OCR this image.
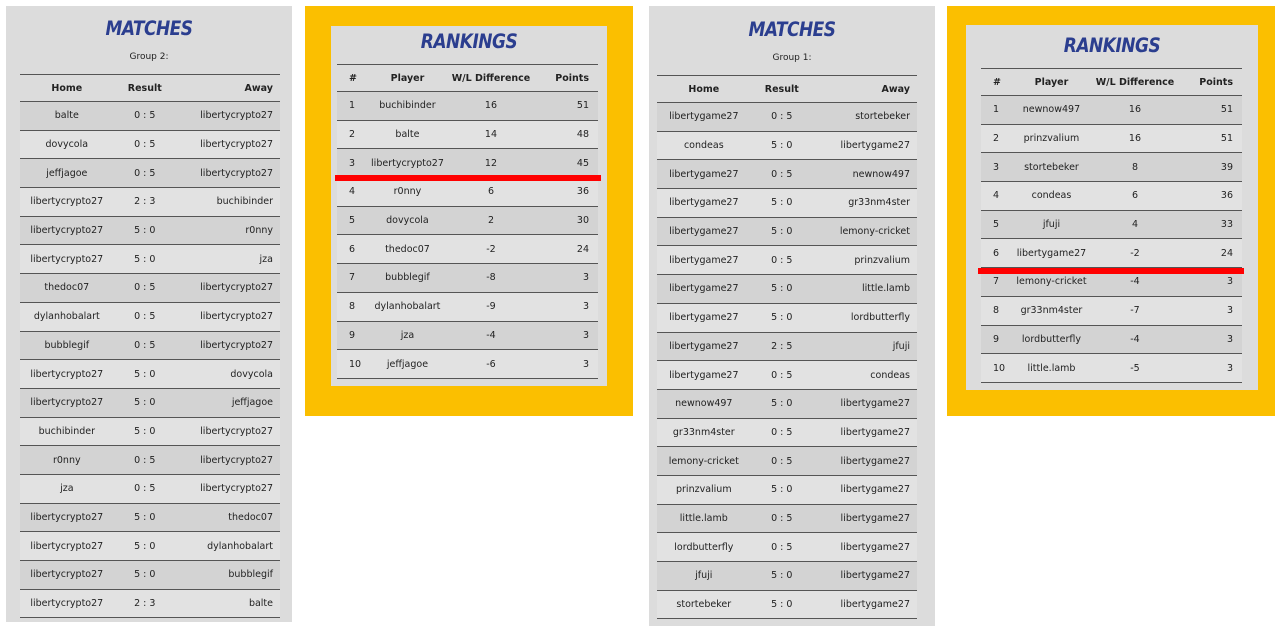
MATCHES
Group 2:
Home	Result	Away
balte	0 : 5	libertycrypto27
dovycola	0 : 5	libertycrypto27
jeffjagoe	0 : 5	libertycrypto27
libertycrypto27	2 : 3	buchibinder
libertycrypto27	5 : 0	r0nny
libertycrypto27	5 : 0	jza
thedoc07	0 : 5	libertycrypto27
dylanhobalart	0 : 5	libertycrypto27
bubblegif	0 : 5	libertycrypto27
libertycrypto27	5 : 0	dovycola
libertycrypto27	5 : 0	jeffjagoe
buchibinder	5 : 0	libertycrypto27
r0nny	0 : 5	libertycrypto27
jza	0 : 5	libertycrypto27
libertycrypto27	5 : 0	thedoc07
libertycrypto27	5 : 0	dylanhobalart
libertycrypto27	5 : 0	bubblegif
libertycrypto27	2 : 3	balte
RANKINGS
#	Player	W/L Difference	Points
1	buchibinder	16	51
2	balte	14	48
3	libertycrypto27	12	45
4	r0nny	6	36
5	dovycola	2	30
6	thedoc07	-2	24
7	bubblegif	-8	3
8	dylanhobalart	-9	3
9	jza	-4	3
10	jeffjagoe	-6	3
MATCHES
Group 1:
Home	Result	Away
libertygame27	0 : 5	stortebeker
condeas	5 : 0	libertygame27
libertygame27	0 : 5	newnow497
libertygame27	5 : 0	gr33nm4ster
libertygame27	5 : 0	lemony-cricket
libertygame27	0 : 5	prinzvalium
libertygame27	5 : 0	little.lamb
libertygame27	5 : 0	lordbutterfly
libertygame27	2 : 5	jfuji
libertygame27	0 : 5	condeas
newnow497	5 : 0	libertygame27
gr33nm4ster	0 : 5	libertygame27
lemony-cricket	0 : 5	libertygame27
prinzvalium	5 : 0	libertygame27
little.lamb	0 : 5	libertygame27
lordbutterfly	0 : 5	libertygame27
jfuji	5 : 0	libertygame27
stortebeker	5 : 0	libertygame27
RANKINGS
#	Player	W/L Difference	Points
1	newnow497	16	51
2	prinzvalium	16	51
3	stortebeker	8	39
4	condeas	6	36
5	jfuji	4	33
6	libertygame27	-2	24
7	lemony-cricket	-4	3
8	gr33nm4ster	-7	3
9	lordbutterfly	-4	3
10	little.lamb	-5	3
